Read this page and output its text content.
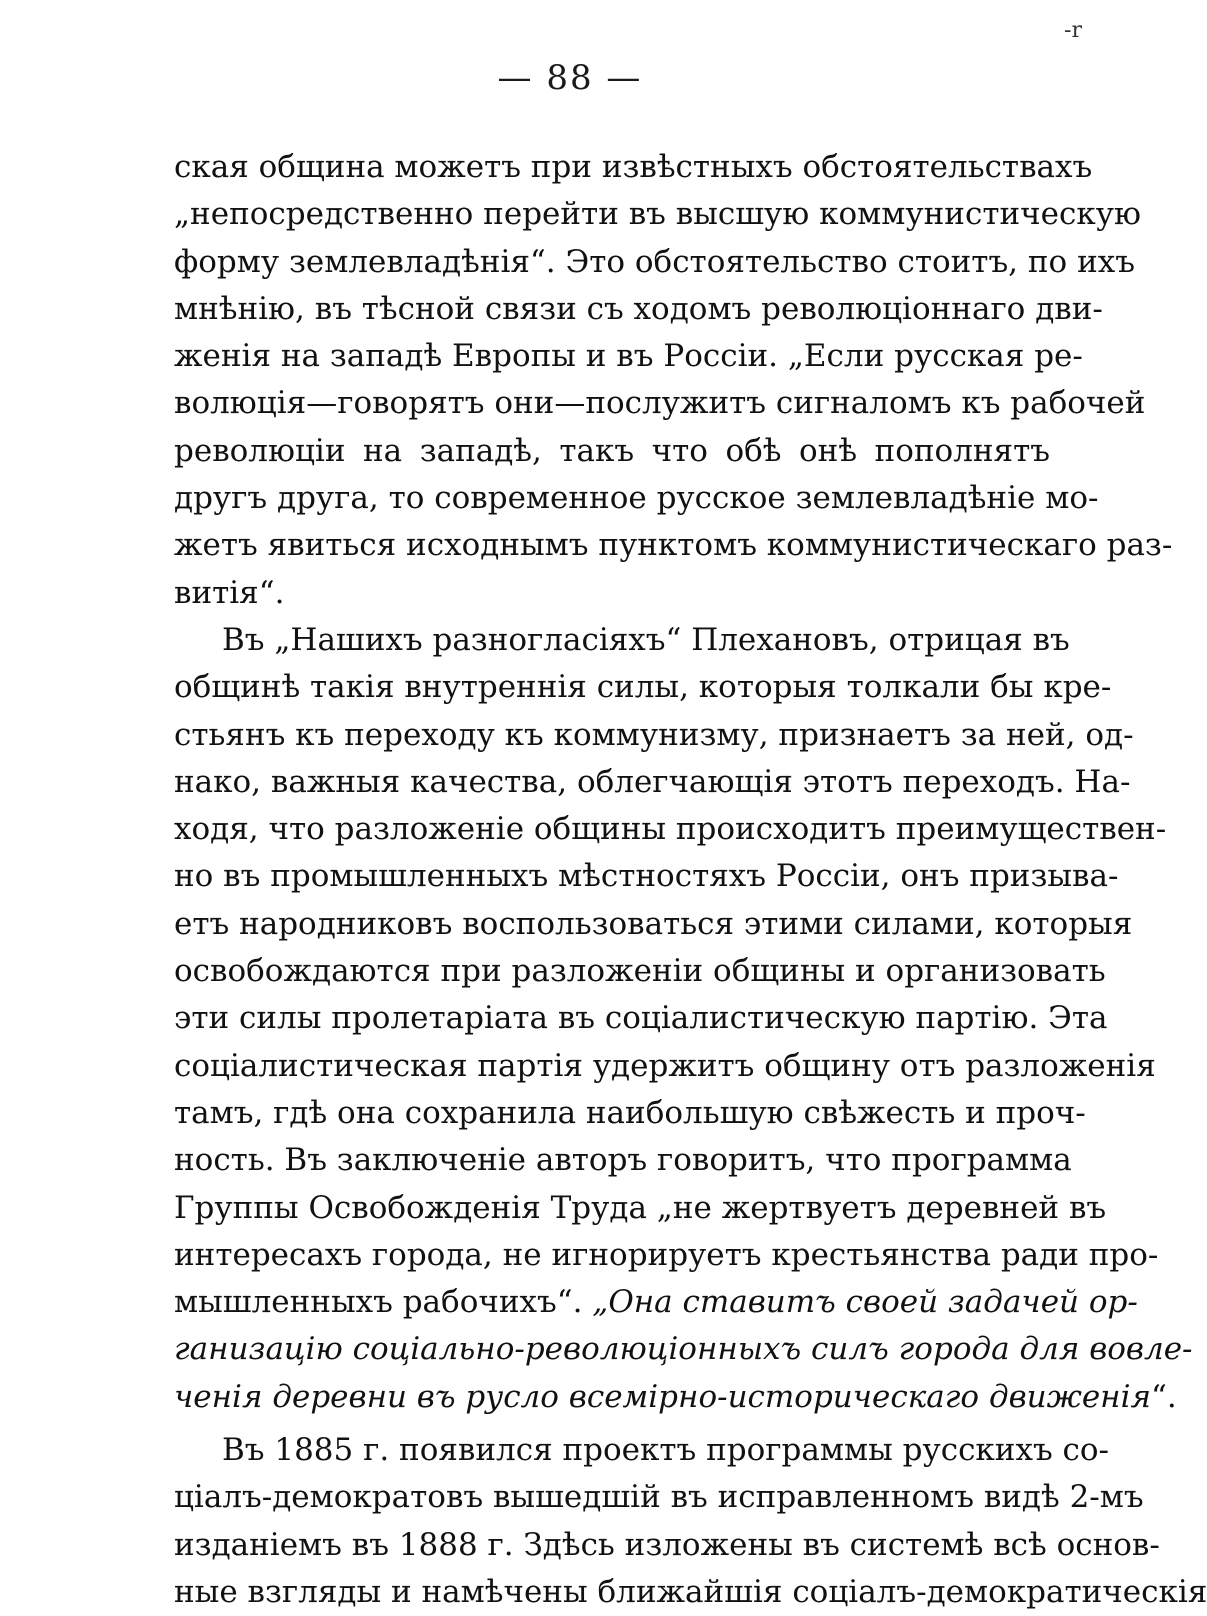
-r
— 88 —
ская община можетъ при извѣстныхъ обстоятельствахъ
„непосредственно перейти въ высшую коммунистическую
форму землевладѣнія“. Это обстоятельство стоитъ, по ихъ
мнѣнію, въ тѣсной связи съ ходомъ революціоннаго дви-
женія на западѣ Европы и въ Россіи. „Если русская ре-
волюція—говорятъ они—послужитъ сигналомъ къ рабочей
революціи на западѣ, такъ что обѣ онѣ пополнятъ
другъ друга, то современное русское землевладѣніе мо-
жетъ явиться исходнымъ пунктомъ коммунистическаго раз-
витія“.
Въ „Нашихъ разногласіяхъ“ Плехановъ, отрицая въ
общинѣ такія внутреннія силы, которыя толкали бы кре-
стьянъ къ переходу къ коммунизму, признаетъ за ней, од-
нако, важныя качества, облегчающія этотъ переходъ. На-
ходя, что разложеніе общины происходитъ преимуществен-
но въ промышленныхъ мѣстностяхъ Россіи, онъ призыва-
етъ народниковъ воспользоваться этими силами, которыя
освобождаются при разложеніи общины и организовать
эти силы пролетаріата въ соціалистическую партію. Эта
соціалистическая партія удержитъ общину отъ разложенія
тамъ, гдѣ она сохранила наибольшую свѣжесть и проч-
ность. Въ заключеніе авторъ говоритъ, что программа
Группы Освобожденія Труда „не жертвуетъ деревней въ
интересахъ города, не игнорируетъ крестьянства ради про-
мышленныхъ рабочихъ“. „Она ставитъ своей задачей ор-
ганизацію соціально-революціонныхъ силъ города для вовле-
ченія деревни въ русло всемірно-историческаго движенія“.
Въ 1885 г. появился проектъ программы русскихъ со-
ціалъ-демократовъ вышедшій въ исправленномъ видѣ 2-мъ
изданіемъ въ 1888 г. Здѣсь изложены въ системѣ всѣ основ-
ные взгляды и намѣчены ближайшія соціалъ-демократическія
